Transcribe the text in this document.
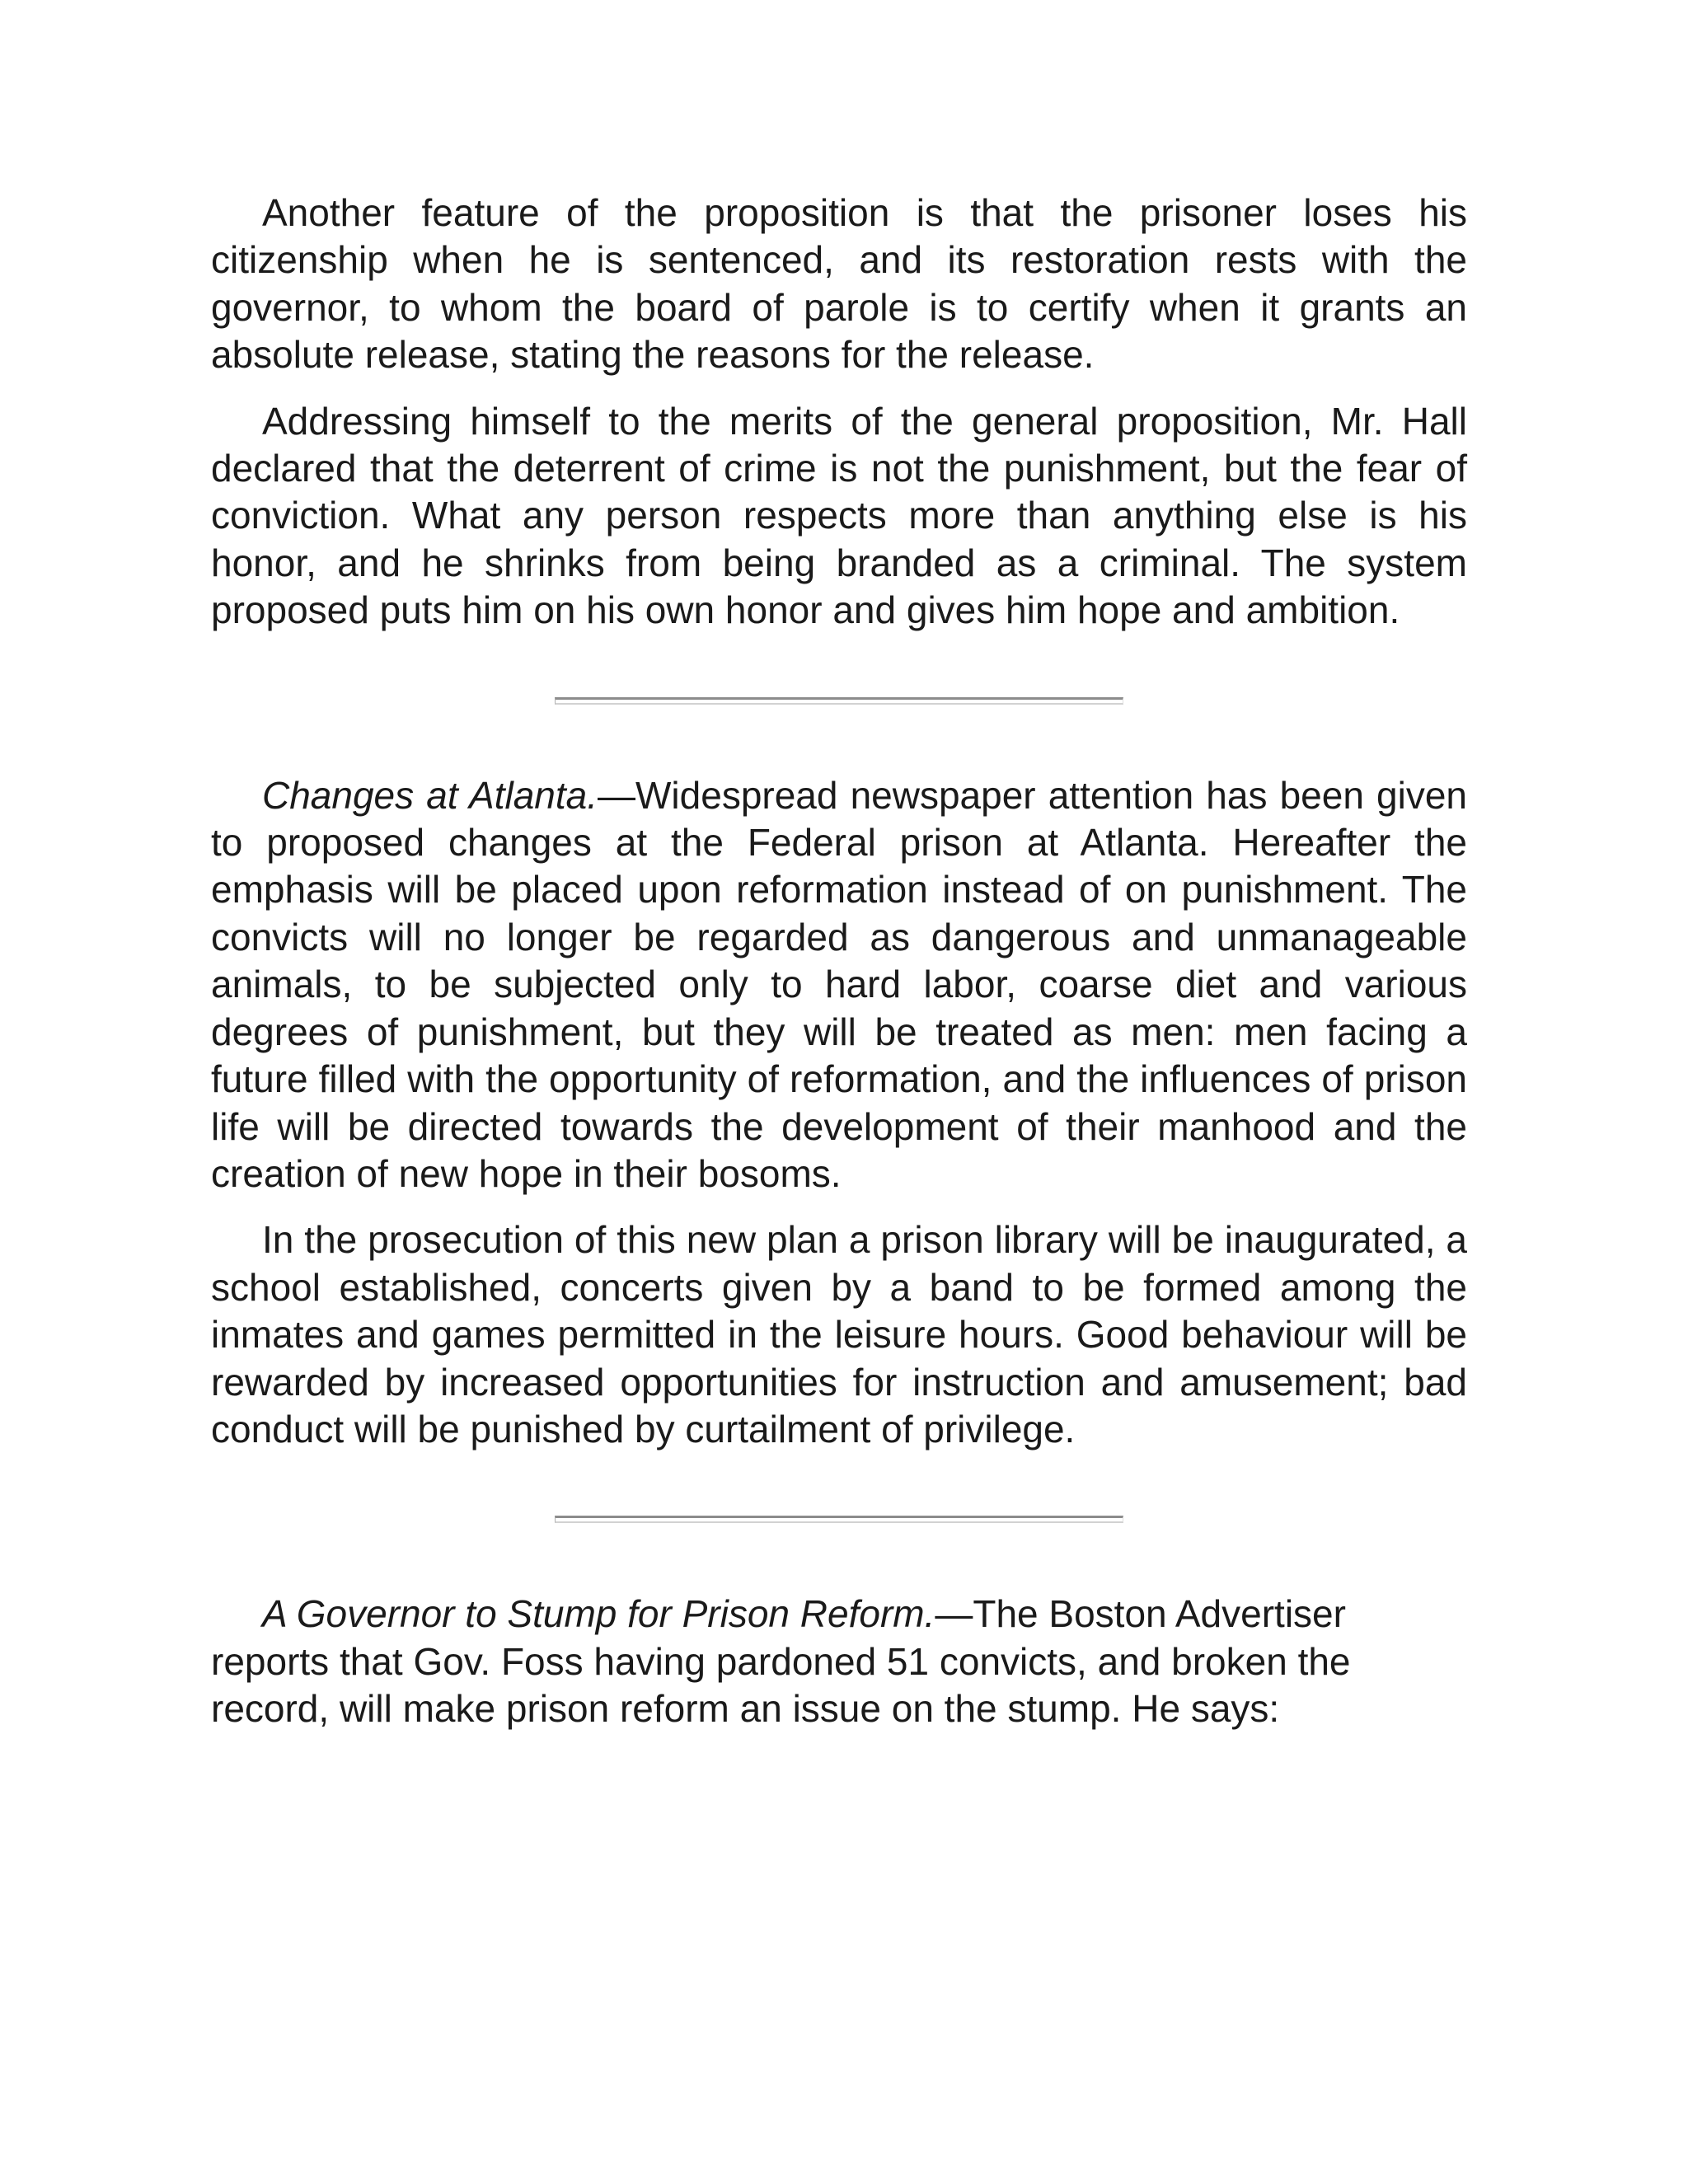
Another feature of the proposition is that the prisoner loses his citizenship when he is sentenced, and its restoration rests with the governor, to whom the board of parole is to certify when it grants an absolute release, stating the reasons for the release.

Addressing himself to the merits of the general proposition, Mr. Hall declared that the deterrent of crime is not the punishment, but the fear of conviction. What any person respects more than anything else is his honor, and he shrinks from being branded as a criminal. The system proposed puts him on his own honor and gives him hope and ambition.

Changes at Atlanta.—Widespread newspaper attention has been given to proposed changes at the Federal prison at Atlanta. Hereafter the emphasis will be placed upon reformation instead of on punishment. The convicts will no longer be regarded as dangerous and unmanageable animals, to be subjected only to hard labor, coarse diet and various degrees of punishment, but they will be treated as men: men facing a future filled with the opportunity of reformation, and the influences of prison life will be directed towards the development of their manhood and the creation of new hope in their bosoms.

In the prosecution of this new plan a prison library will be inaugurated, a school established, concerts given by a band to be formed among the inmates and games permitted in the leisure hours. Good behaviour will be rewarded by increased opportunities for instruction and amusement; bad conduct will be punished by curtailment of privilege.

A Governor to Stump for Prison Reform.—The Boston Advertiser reports that Gov. Foss having pardoned 51 convicts, and broken the record, will make prison reform an issue on the stump. He says:
